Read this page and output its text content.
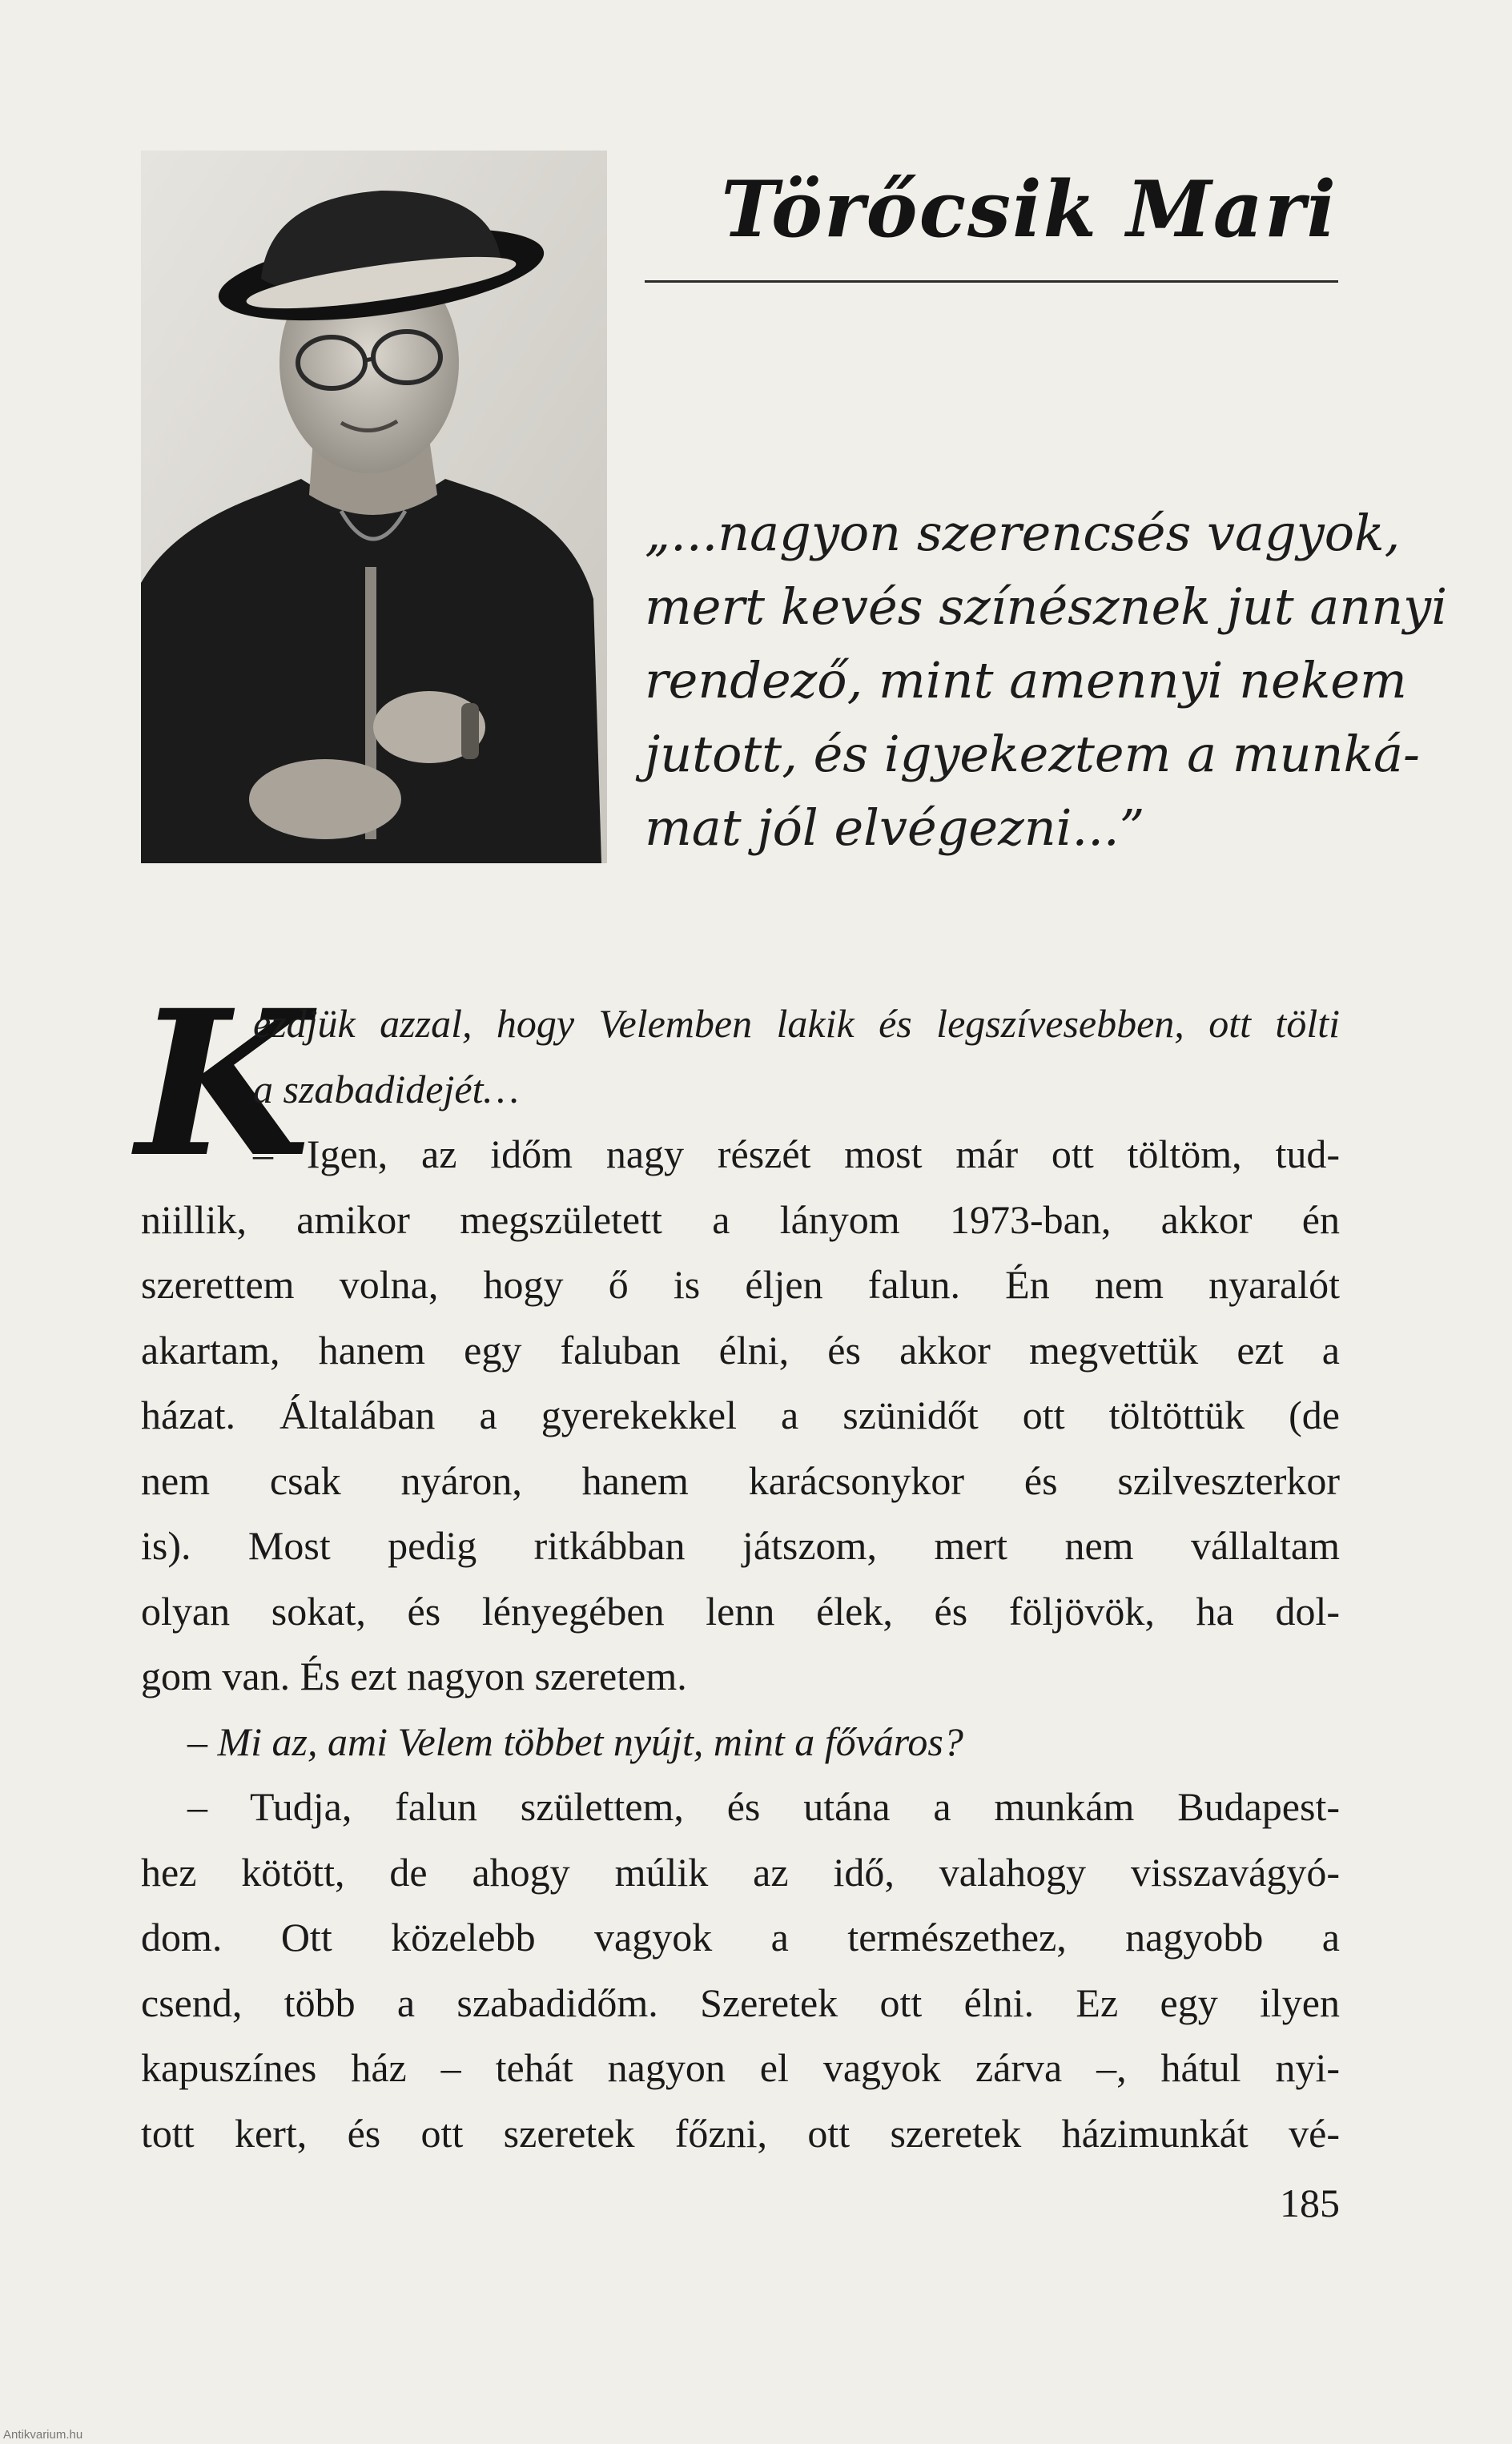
Törőcsik Mari
„...nagyon szerencsés vagyok,
mert kevés színésznek jut annyi
rendező, mint amennyi nekem
jutott, és igyekeztem a munká-
mat jól elvégezni...”
K
ezdjük azzal, hogy Velemben lakik és legszívesebben, ott tölti
a szabadidejét…
– Igen, az időm nagy részét most már ott töltöm, tud-
niillik, amikor megszületett a lányom 1973-ban, akkor én
szerettem volna, hogy ő is éljen falun. Én nem nyaralót
akartam, hanem egy faluban élni, és akkor megvettük ezt a
házat. Általában a gyerekekkel a szünidőt ott töltöttük (de
nem csak nyáron, hanem karácsonykor és szilveszterkor
is). Most pedig ritkábban játszom, mert nem vállaltam
olyan sokat, és lényegében lenn élek, és följövök, ha dol-
gom van. És ezt nagyon szeretem.
– Mi az, ami Velem többet nyújt, mint a főváros?
– Tudja, falun születtem, és utána a munkám Budapest-
hez kötött, de ahogy múlik az idő, valahogy visszavágyó-
dom. Ott közelebb vagyok a természethez, nagyobb a
csend, több a szabadidőm. Szeretek ott élni. Ez egy ilyen
kapuszínes ház – tehát nagyon el vagyok zárva –, hátul nyi-
tott kert, és ott szeretek főzni, ott szeretek házimunkát vé-
185
Antikvarium.hu
